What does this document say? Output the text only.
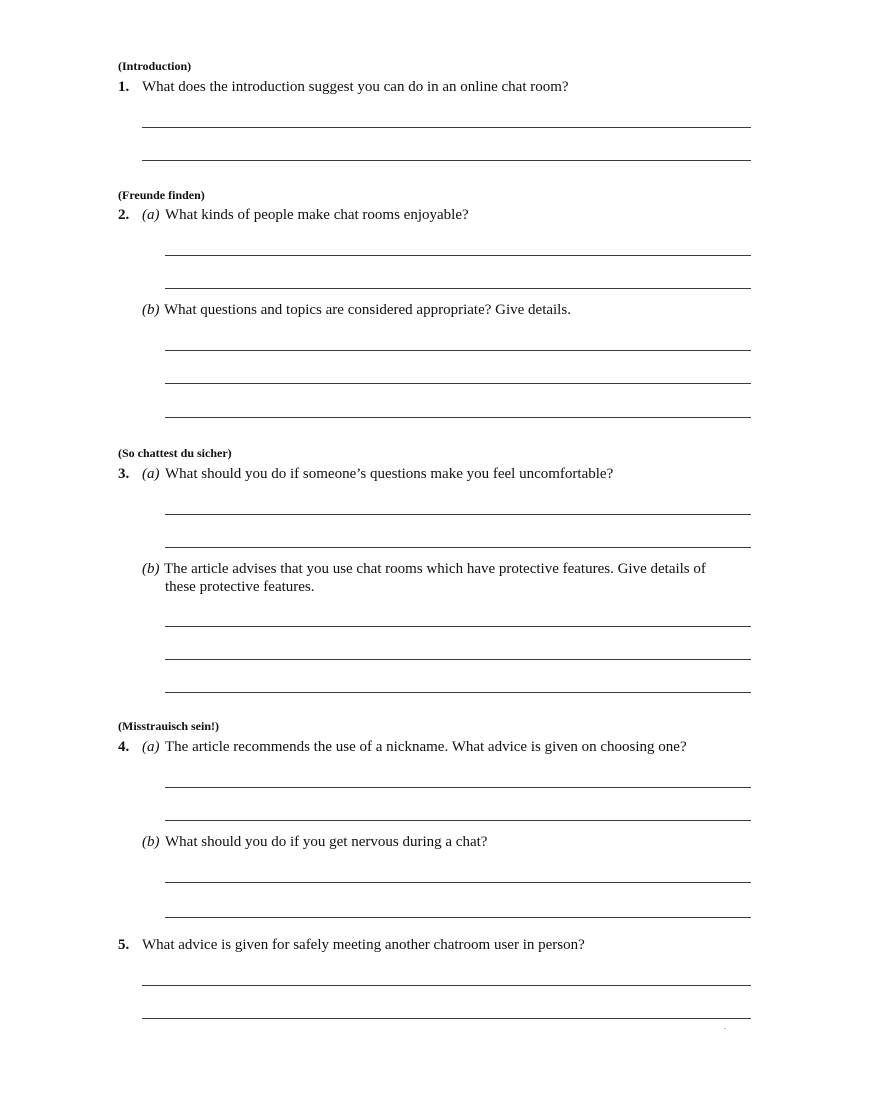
(Introduction)
1. What does the introduction suggest you can do in an online chat room?
(Freunde finden)
2. (a) What kinds of people make chat rooms enjoyable?
(b) What questions and topics are considered appropriate? Give details.
(So chattest du sicher)
3. (a) What should you do if someone’s questions make you feel uncomfortable?
(b) The article advises that you use chat rooms which have protective features. Give details of
these protective features.
(Misstrauisch sein!)
4. (a) The article recommends the use of a nickname. What advice is given on choosing one?
(b) What should you do if you get nervous during a chat?
5. What advice is given for safely meeting another chatroom user in person?
